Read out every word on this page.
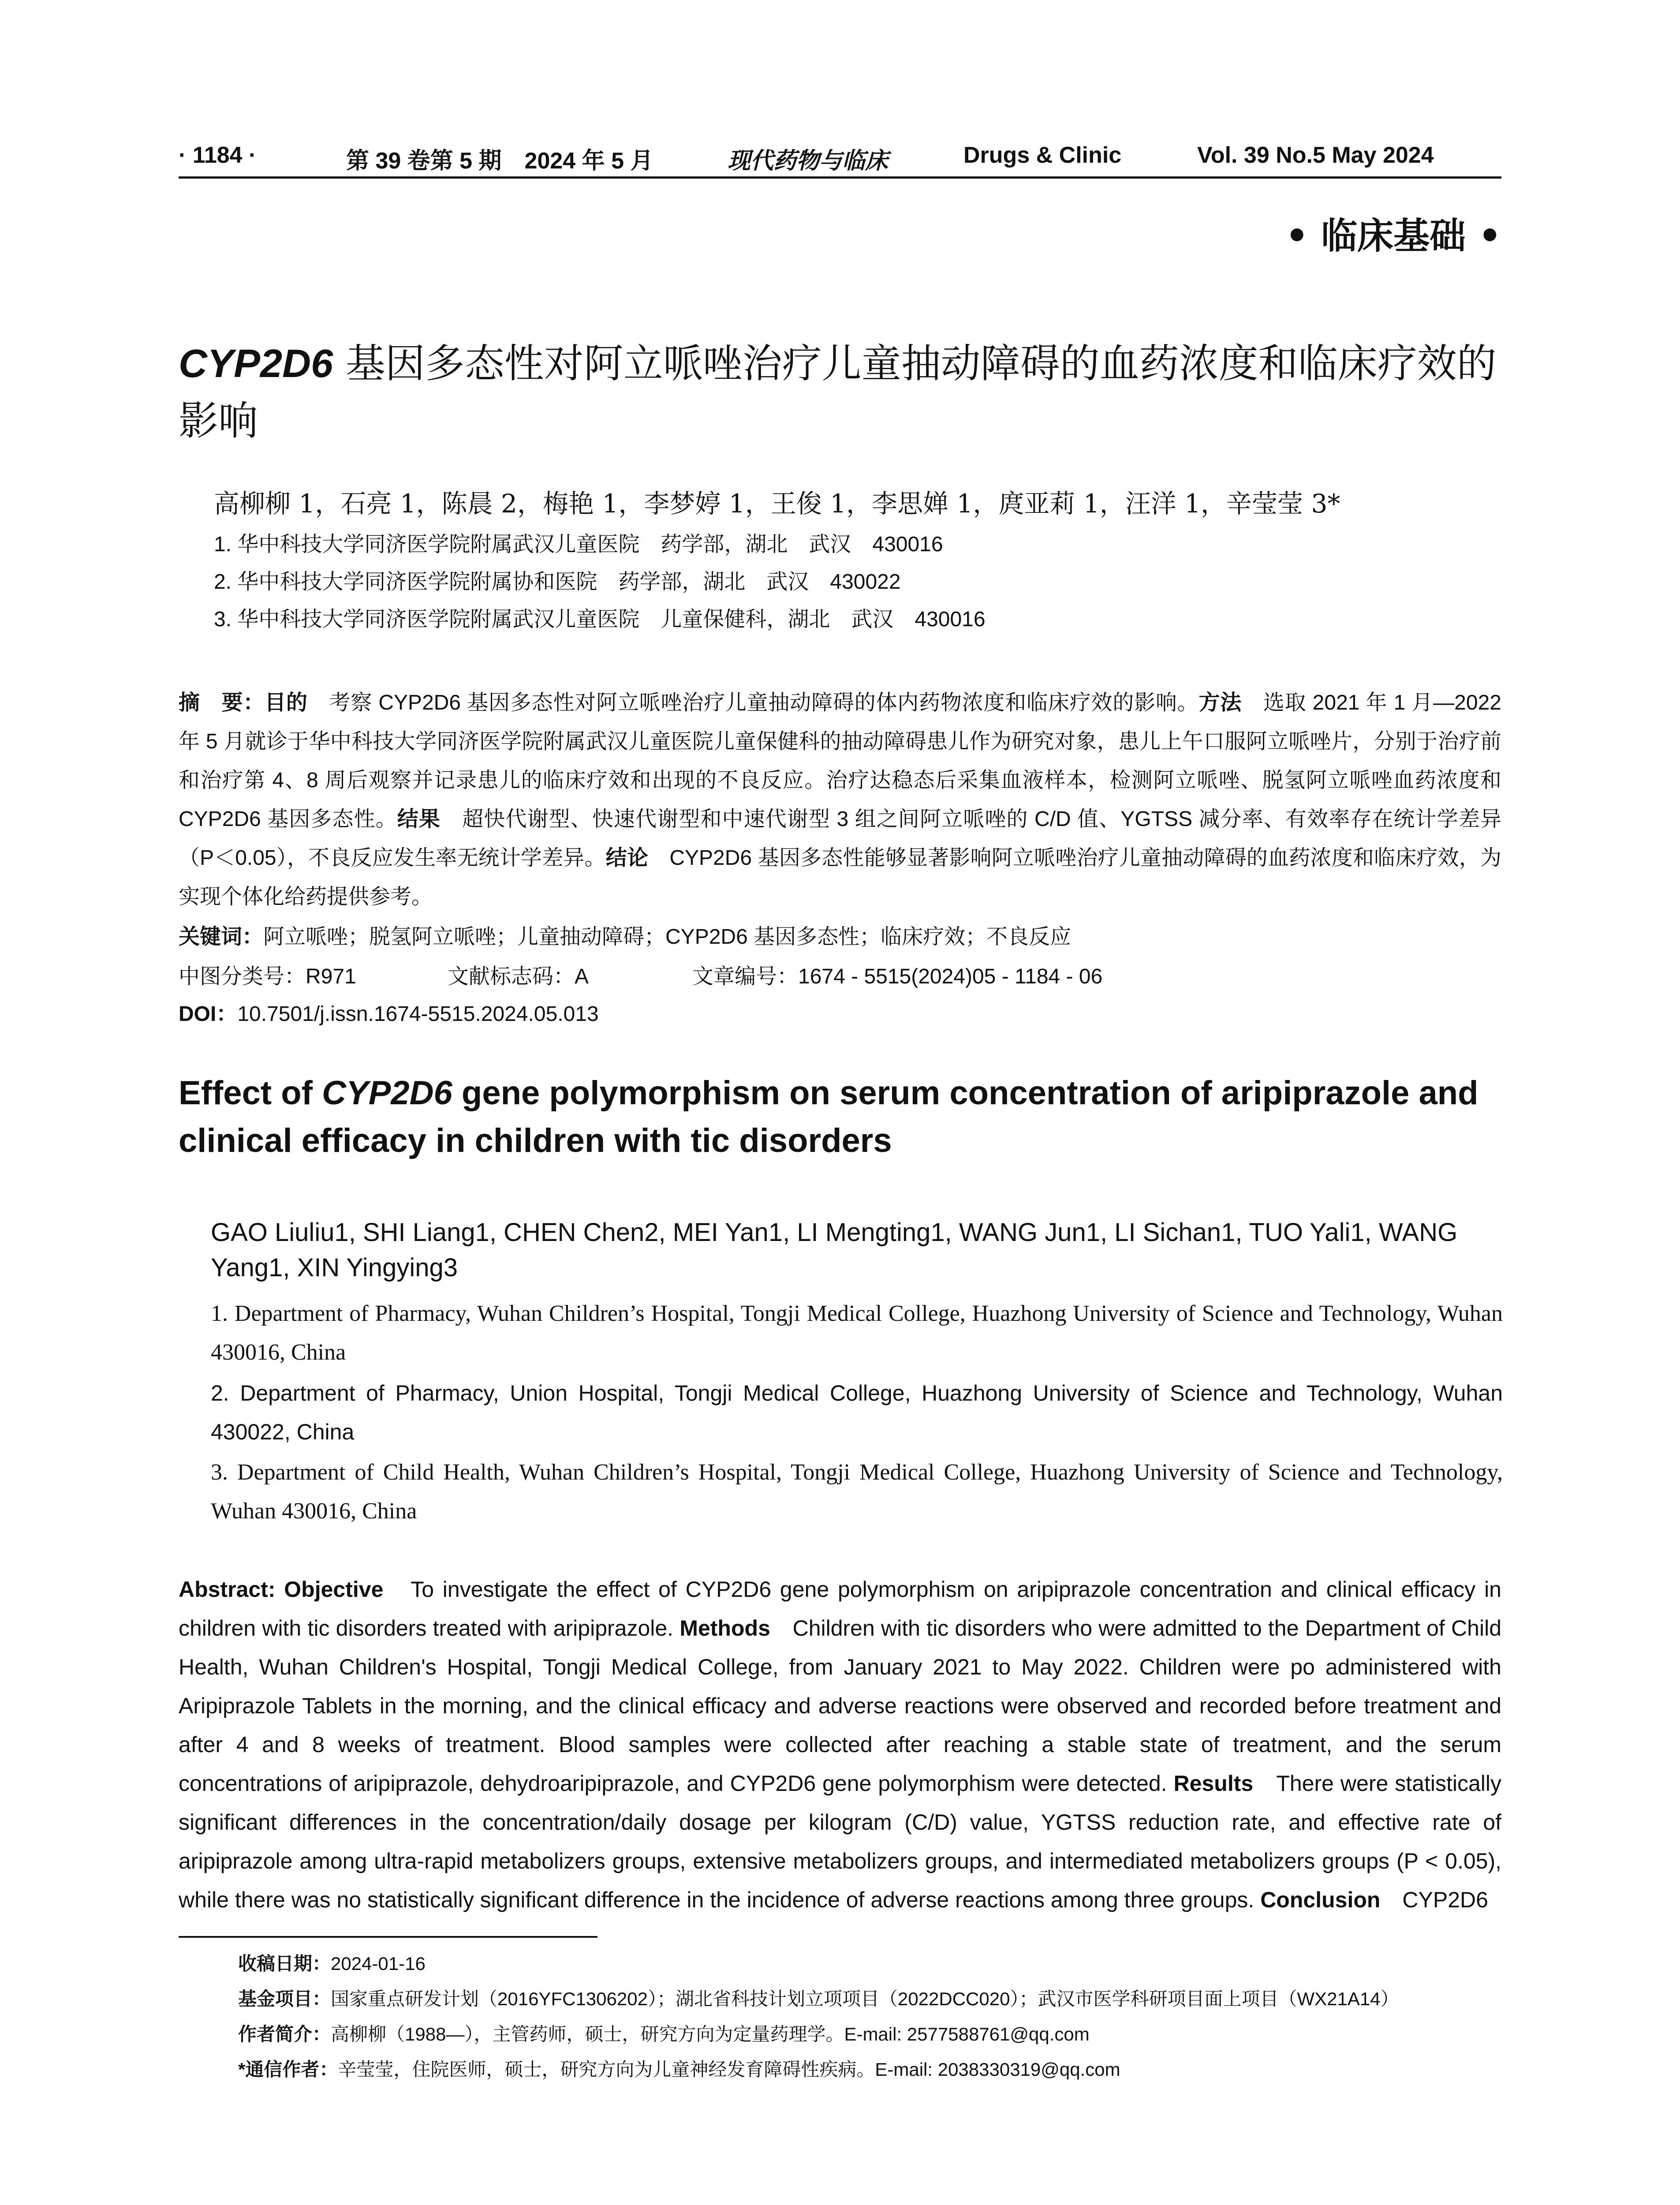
· 1184 ·	第 39 卷第 5 期　2024 年 5 月	现代药物与临床	Drugs & Clinic	Vol. 39 No.5 May 2024
• 临床基础 •
CYP2D6 基因多态性对阿立哌唑治疗儿童抽动障碍的血药浓度和临床疗效的影响
高柳柳 1，石亮 1，陈晨 2，梅艳 1，李梦婷 1，王俊 1，李思婵 1，庹亚莉 1，汪洋 1，辛莹莹 3*
1. 华中科技大学同济医学院附属武汉儿童医院　药学部，湖北　武汉　430016
2. 华中科技大学同济医学院附属协和医院　药学部，湖北　武汉　430022
3. 华中科技大学同济医学院附属武汉儿童医院　儿童保健科，湖北　武汉　430016
摘　要：目的　考察 CYP2D6 基因多态性对阿立哌唑治疗儿童抽动障碍的体内药物浓度和临床疗效的影响。方法　选取 2021 年 1 月—2022 年 5 月就诊于华中科技大学同济医学院附属武汉儿童医院儿童保健科的抽动障碍患儿作为研究对象，患儿上午口服阿立哌唑片，分别于治疗前和治疗第 4、8 周后观察并记录患儿的临床疗效和出现的不良反应。治疗达稳态后采集血液样本，检测阿立哌唑、脱氢阿立哌唑血药浓度和 CYP2D6 基因多态性。结果　超快代谢型、快速代谢型和中速代谢型 3 组之间阿立哌唑的 C/D 值、YGTSS 减分率、有效率存在统计学差异（P＜0.05），不良反应发生率无统计学差异。结论　CYP2D6 基因多态性能够显著影响阿立哌唑治疗儿童抽动障碍的血药浓度和临床疗效，为实现个体化给药提供参考。
关键词：阿立哌唑；脱氢阿立哌唑；儿童抽动障碍；CYP2D6 基因多态性；临床疗效；不良反应
中图分类号：R971	文献标志码：A	文章编号：1674 - 5515(2024)05 - 1184 - 06
DOI：10.7501/j.issn.1674-5515.2024.05.013
Effect of CYP2D6 gene polymorphism on serum concentration of aripiprazole and clinical efficacy in children with tic disorders
GAO Liuliu1, SHI Liang1, CHEN Chen2, MEI Yan1, LI Mengting1, WANG Jun1, LI Sichan1, TUO Yali1, WANG Yang1, XIN Yingying3
1. Department of Pharmacy, Wuhan Children’s Hospital, Tongji Medical College, Huazhong University of Science and Technology, Wuhan 430016, China
2. Department of Pharmacy, Union Hospital, Tongji Medical College, Huazhong University of Science and Technology, Wuhan 430022, China
3. Department of Child Health, Wuhan Children’s Hospital, Tongji Medical College, Huazhong University of Science and Technology, Wuhan 430016, China
Abstract: Objective　To investigate the effect of CYP2D6 gene polymorphism on aripiprazole concentration and clinical efficacy in children with tic disorders treated with aripiprazole. Methods　Children with tic disorders who were admitted to the Department of Child Health, Wuhan Children's Hospital, Tongji Medical College, from January 2021 to May 2022. Children were po administered with Aripiprazole Tablets in the morning, and the clinical efficacy and adverse reactions were observed and recorded before treatment and after 4 and 8 weeks of treatment. Blood samples were collected after reaching a stable state of treatment, and the serum concentrations of aripiprazole, dehydroaripiprazole, and CYP2D6 gene polymorphism were detected. Results　There were statistically significant differences in the concentration/daily dosage per kilogram (C/D) value, YGTSS reduction rate, and effective rate of aripiprazole among ultra-rapid metabolizers groups, extensive metabolizers groups, and intermediated metabolizers groups (P < 0.05), while there was no statistically significant difference in the incidence of adverse reactions among three groups. Conclusion　CYP2D6
收稿日期：2024-01-16
基金项目：国家重点研发计划（2016YFC1306202）；湖北省科技计划立项项目（2022DCC020）；武汉市医学科研项目面上项目（WX21A14）
作者简介：高柳柳（1988—），主管药师，硕士，研究方向为定量药理学。E-mail: 2577588761@qq.com
*通信作者：辛莹莹，住院医师，硕士，研究方向为儿童神经发育障碍性疾病。E-mail: 2038330319@qq.com
